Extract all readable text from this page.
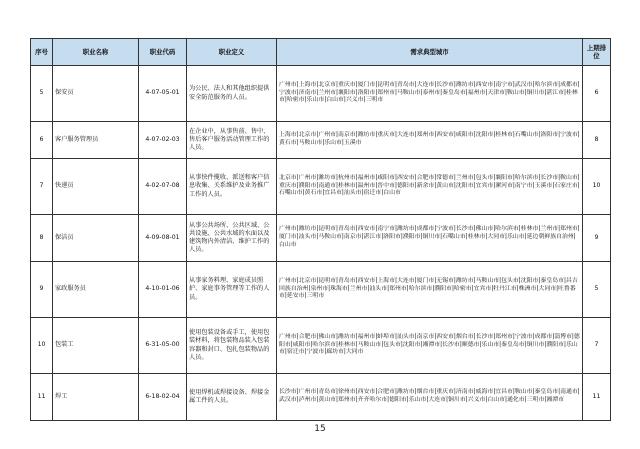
序号	职业名称	职业代码	职业定义	需求典型城市	上期排位
5	保安员	4-07-05-01	为公民、法人和其他组织提供安全防范服务的人员。	广州市|上海市|北京市|重庆市|厦门市|昆明市|青岛市|大连市|长沙市|潍坊市|西安市|南宁市|武汉市|哈尔滨市|成都市|宁波市|济南市|兰州市|襄阳市|洛阳市|郑州市|马鞍山市|泰州市|秦皇岛市|福州市|天津市|鞍山市|铜川市|湛江市|桂林市|哈密市|乐山市|白山市|兴义市|三明市	6
6	客户服务管理员	4-07-02-03	在企业中，从事售前、售中、售后客户服务活动管理工作的人员。	上海市|北京市|广州市|南京市|潍坊市|重庆市|大连市|郑州市|西安市|咸阳市|沈阳市|桂林市|石嘴山市|洛阳市|宁波市|黄石市|马鞍山市|乐山市|玉溪市	8
7	快递员	4-02-07-08	从事快件揽收、派送和客户信息收集、关系维护及业务推广工作的人员。	北京市|广州市|潍坊市|杭州市|福州市|咸阳市|西安市|合肥市|常德市|兰州市|包头市|襄阳市|哈尔滨市|长沙市|鞍山市|重庆市|濮阳市|南通市|桂林市|温州市|晋中市|德阳市|新余市|黄山市|沈阳市|宜宾市|漯河市|南宁市|玉溪市|石家庄市|石嘴山市|黄石市|宜昌市|汕头市|宿迁市|白山市	10
8	保洁员	4-09-08-01	从事公共场所、公共区域、公共设施、公共水域的水面以及建筑物内外清洁、维护工作的人员。	广州市|潍坊市|昆明市|青岛市|西安市|南宁市|潍坊市|成都市|宁波市|长沙市|佛山市|哈尔滨市|桂林市|兰州市|郑州市|厦门市|汕头市|马鞍山市|南京市|湛江市|洛阳市|濮阳市|铜川市|石嘴山市|桂林市|大同市|乐山市|延边朝鲜族自治州|白山市	9
9	家政服务员	4-10-01-06	从事家务料理、家庭成员照护、家庭事务管理等工作的人员。	广州市|北京市|昆明市|青岛市|西安市|上海市|大连市|厦门市|无锡市|潍坊市|马鞍山市|包头市|沈阳市|秦皇岛市|昌吉回族自治州|泉州市|珠海市|兰州市|汕头市|郑州市|哈尔滨市|濮阳市|哈密市|宜宾市|牡丹江市|株洲市|大同市|吐鲁番市|延安市|三明市	5
10	包装工	6-31-05-00	使用包装设备或手工，使用包装材料，将包装物品装入包装容器和封口、包扎包装物品的人员。	广州市|合肥市|佛山市|潍坊市|福州市|蚌埠市|汕头市|南京市|西安市|烟台市|长沙市|郑州市|宁波市|成都市|淄博市|德阳市|咸阳市|哈尔滨市|桂林市|马鞍山市|包头市|沈阳市|湘潭市|长沙市|顺德市|乐山市|秦皇岛市|铜川市|濮阳市|乐山市|宿迁市|宁波市|廊坊市|大同市	7
11	焊工	6-18-02-04	使用焊机或焊接设备、焊接金属工件的人员。	长沙市|广州市|青岛市|徐州市|西安市|合肥市|潍坊市|烟台市|重庆市|济南市|威海市|宜昌市|鞍山市|秦皇岛市|南通市|武汉市|泸州市|黄山市|郑州市|齐齐哈尔市|德阳市|乐山市|大连市|铜川市|兴义市|白山市|通化市|三明市|湘潭市	11
15
